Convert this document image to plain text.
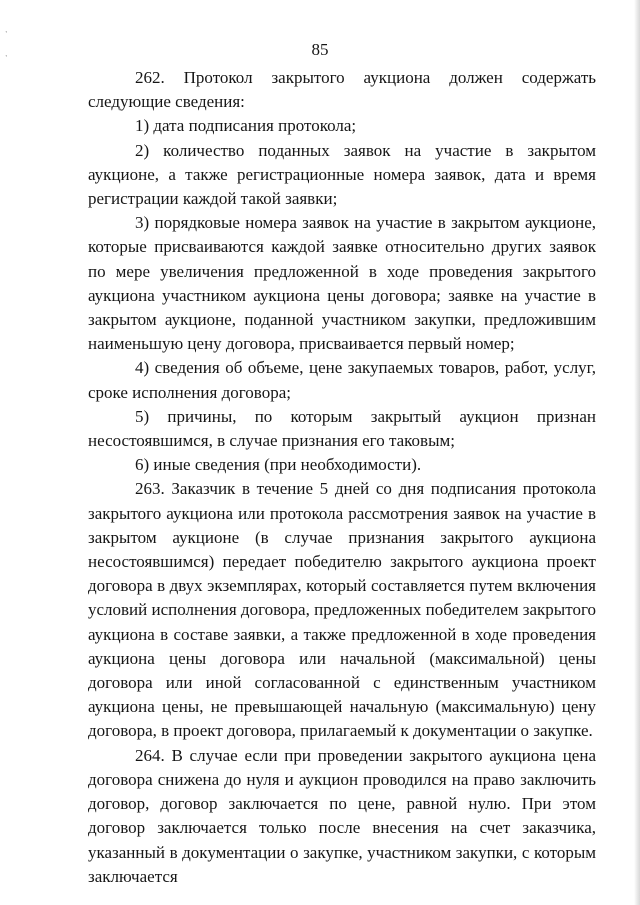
ˑ

ˑ	85

262. Протокол закрытого аукциона должен содержать следующие сведения:

1) дата подписания протокола;

2) количество поданных заявок на участие в закрытом аукционе, а также регистрационные номера заявок, дата и время регистрации каждой такой заявки;

3) порядковые номера заявок на участие в закрытом аукционе, которые присваиваются каждой заявке относительно других заявок по мере увеличения предложенной в ходе проведения закрытого аукциона участником аукциона цены договора; заявке на участие в закрытом аукционе, поданной участником закупки, предложившим наименьшую цену договора, присваивается первый номер;

4) сведения об объеме, цене закупаемых товаров, работ, услуг, сроке исполнения договора;

5) причины, по которым закрытый аукцион признан несостоявшимся, в случае признания его таковым;

6) иные сведения (при необходимости).

263. Заказчик в течение 5 дней со дня подписания протокола закрытого аукциона или протокола рассмотрения заявок на участие в закрытом аукционе (в случае признания закрытого аукциона несостоявшимся) передает победителю закрытого аукциона проект договора в двух экземплярах, который составляется путем включения условий исполнения договора, предложенных победителем закрытого аукциона в составе заявки, а также предложенной в ходе проведения аукциона цены договора или начальной (максимальной) цены договора или иной согласованной с единственным участником аукциона цены, не превышающей начальную (максимальную) цену договора, в проект договора, прилагаемый к документации о закупке.

264. В случае если при проведении закрытого аукциона цена договора снижена до нуля и аукцион проводился на право заключить договор, договор заключается по цене, равной нулю. При этом договор заключается только после внесения на счет заказчика, указанный в документации о закупке, участником закупки, с которым заключается
